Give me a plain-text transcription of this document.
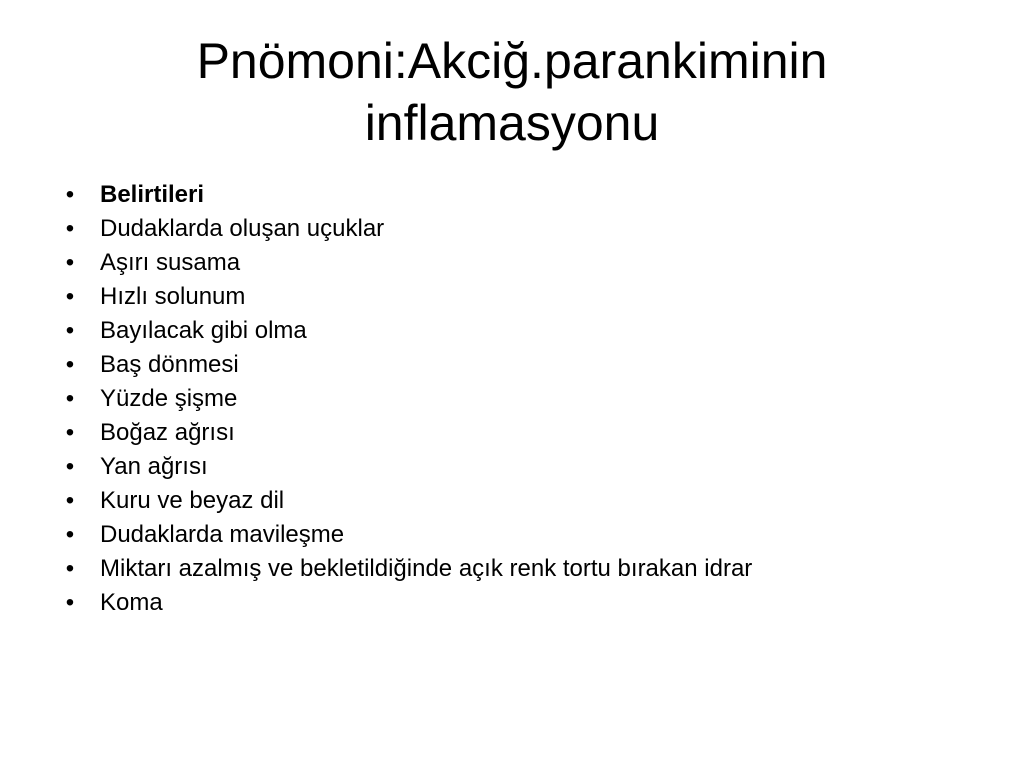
Pnömoni:Akciğ.parankiminin inflamasyonu
• Belirtileri
• Dudaklarda oluşan uçuklar
• Aşırı susama
• Hızlı solunum
• Bayılacak gibi olma
• Baş dönmesi
• Yüzde şişme
• Boğaz ağrısı
• Yan ağrısı
• Kuru ve beyaz dil
• Dudaklarda mavileşme
• Miktarı azalmış ve bekletildiğinde açık renk tortu bırakan idrar
• Koma
